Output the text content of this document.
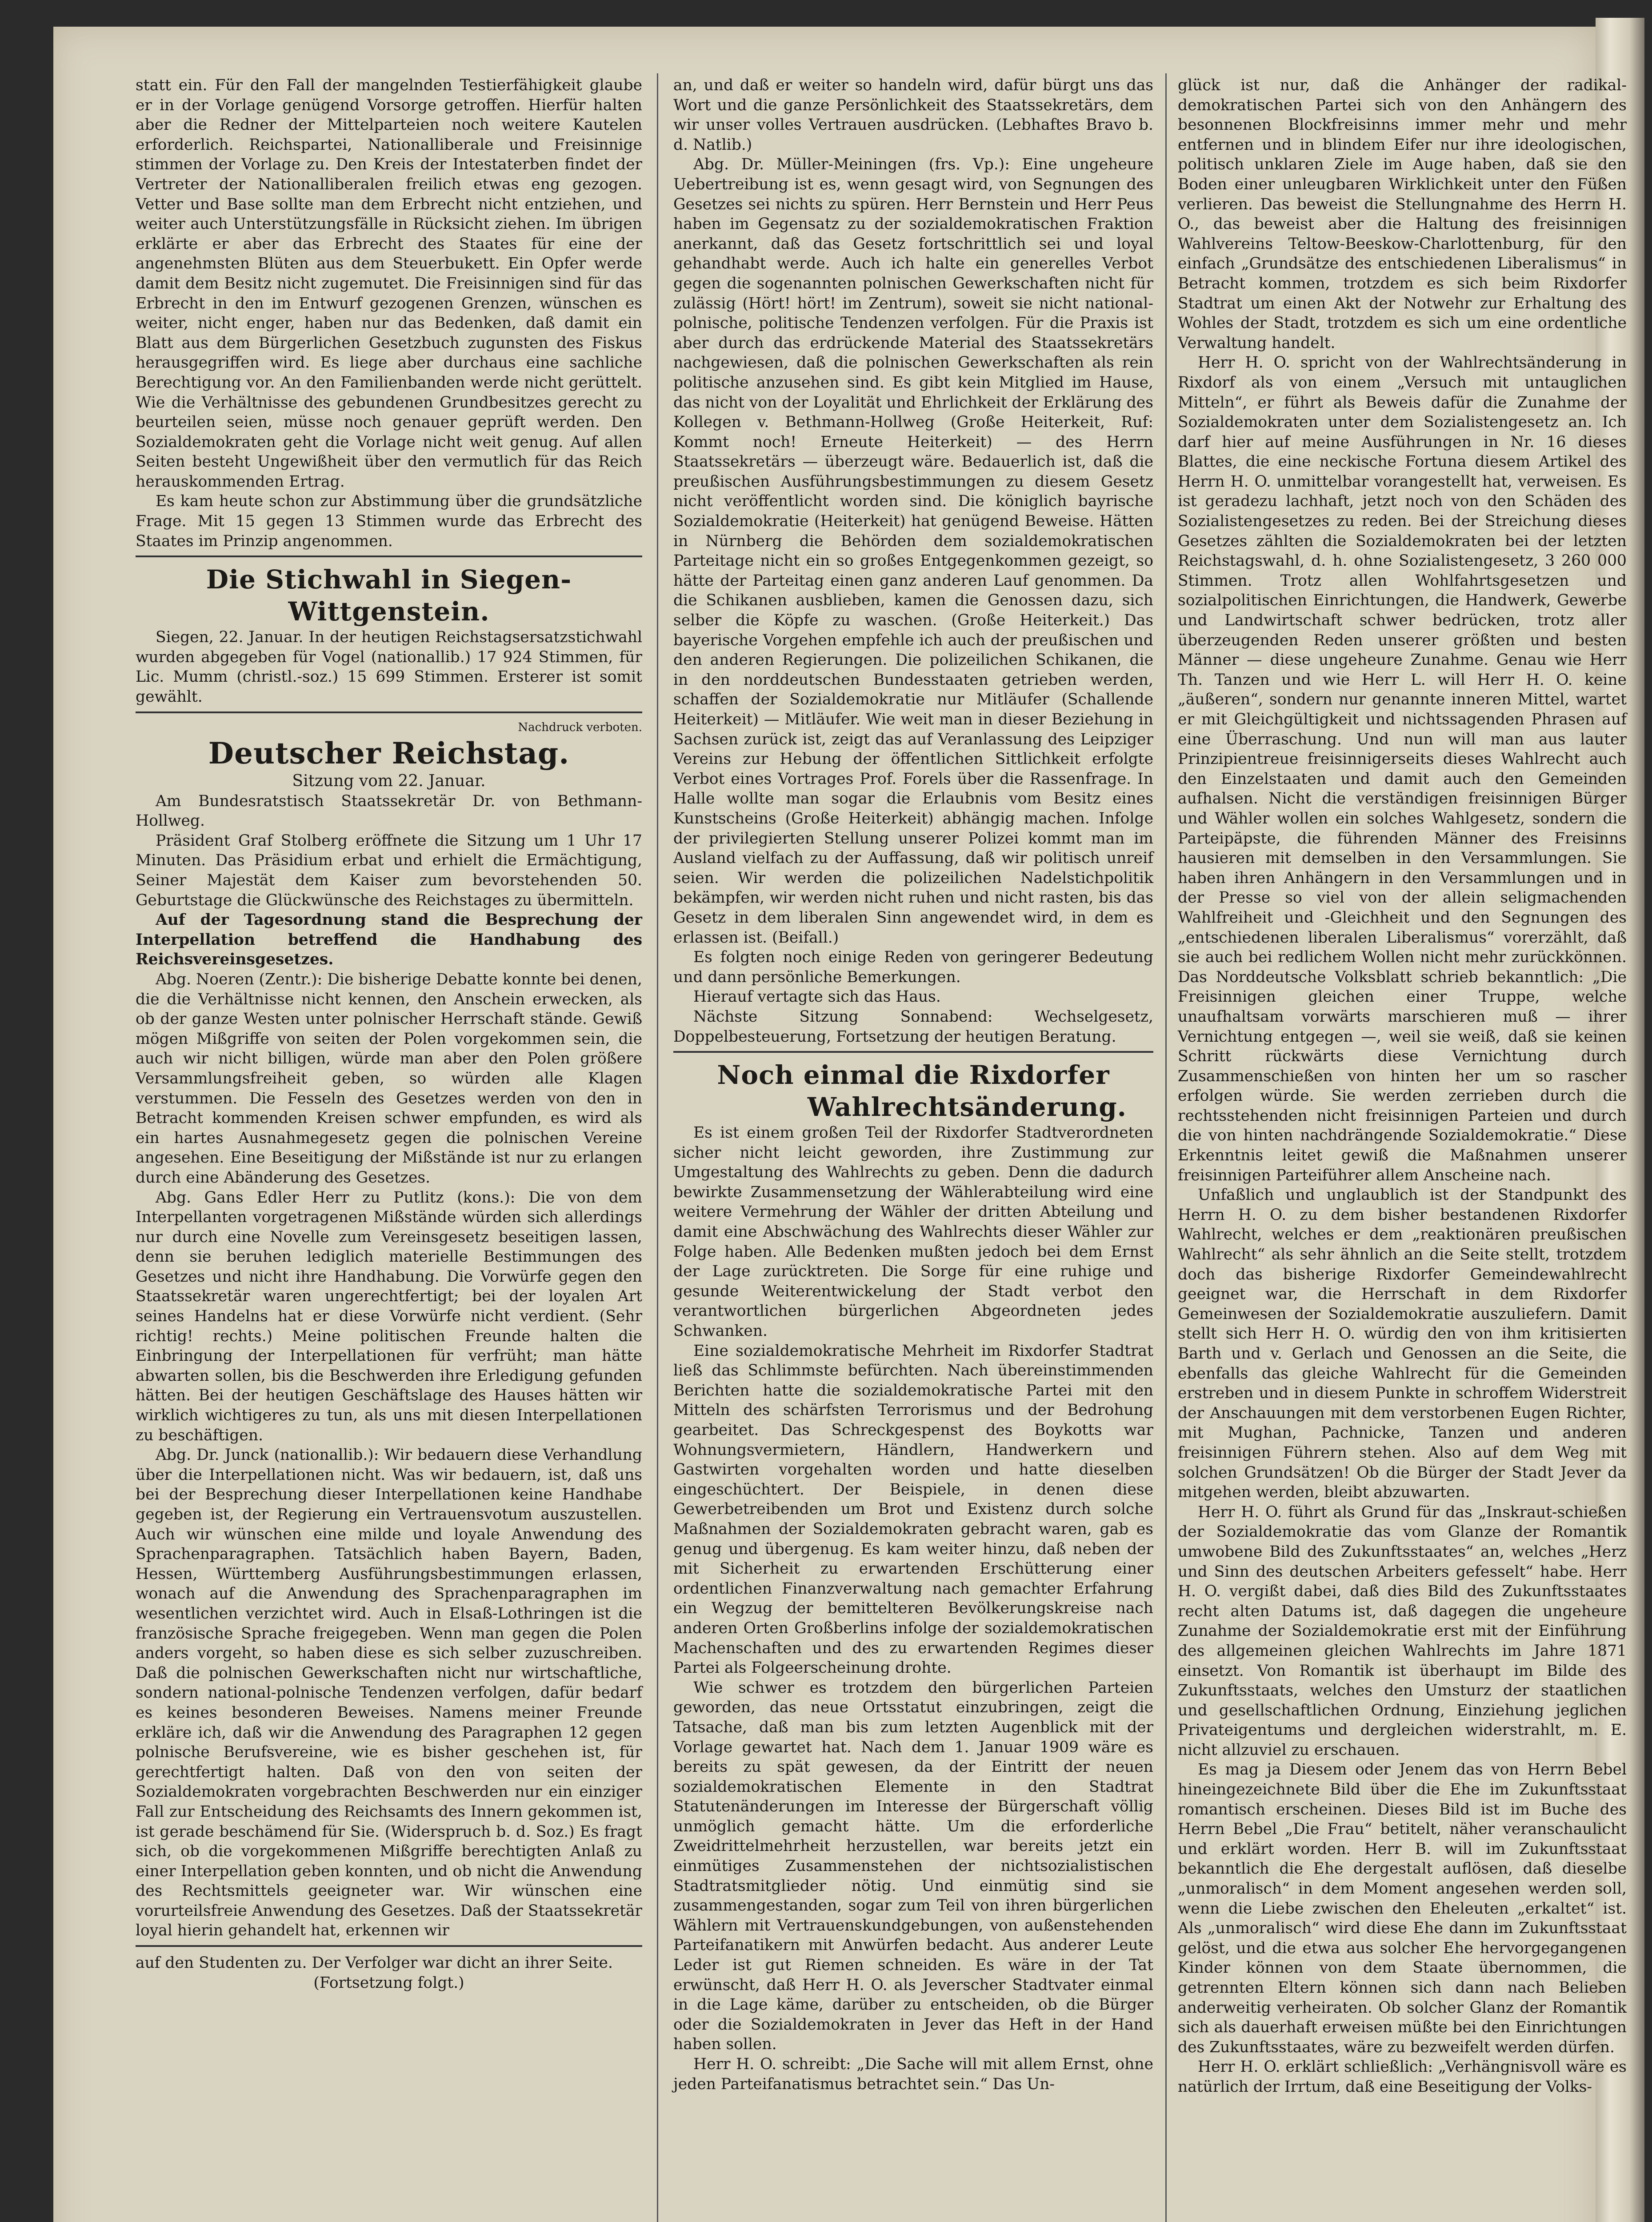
statt ein. Für den Fall der mangelnden Testierfähigkeit glaube er in der Vorlage genügend Vorsorge getroffen. Hierfür halten aber die Redner der Mittelparteien noch weitere Kautelen erforderlich. Reichspartei, Nationalliberale und Freisinnige stimmen der Vorlage zu. Den Kreis der Intestaterben findet der Vertreter der Nationalliberalen freilich etwas eng gezogen. Vetter und Base sollte man dem Erbrecht nicht entziehen, und weiter auch Unterstützungsfälle in Rücksicht ziehen. Im übrigen erklärte er aber das Erbrecht des Staates für eine der angenehmsten Blüten aus dem Steuerbukett. Ein Opfer werde damit dem Besitz nicht zugemutet. Die Freisinnigen sind für das Erbrecht in den im Entwurf gezogenen Grenzen, wünschen es weiter, nicht enger, haben nur das Bedenken, daß damit ein Blatt aus dem Bürgerlichen Gesetzbuch zugunsten des Fiskus herausgegriffen wird. Es liege aber durchaus eine sachliche Berechtigung vor. An den Familienbanden werde nicht gerüttelt. Wie die Verhältnisse des gebundenen Grundbesitzes gerecht zu beurteilen seien, müsse noch genauer geprüft werden. Den Sozialdemokraten geht die Vorlage nicht weit genug. Auf allen Seiten besteht Ungewißheit über den vermutlich für das Reich herauskommenden Ertrag.

Es kam heute schon zur Abstimmung über die grundsätzliche Frage. Mit 15 gegen 13 Stimmen wurde das Erbrecht des Staates im Prinzip angenommen.

Die Stichwahl in Siegen-Wittgenstein.

Siegen, 22. Januar. In der heutigen Reichstagsersatzstichwahl wurden abgegeben für Vogel (nationallib.) 17 924 Stimmen, für Lic. Mumm (christl.-soz.) 15 699 Stimmen. Ersterer ist somit gewählt.

Nachdruck verboten.
Deutscher Reichstag.
Sitzung vom 22. Januar.

Am Bundesratstisch Staatssekretär Dr. von Bethmann-Hollweg.

Präsident Graf Stolberg eröffnete die Sitzung um 1 Uhr 17 Minuten. Das Präsidium erbat und erhielt die Ermächtigung, Seiner Majestät dem Kaiser zum bevorstehenden 50. Geburtstage die Glückwünsche des Reichstages zu übermitteln.

Auf der Tagesordnung stand die Besprechung der Interpellation betreffend die Handhabung des Reichsvereinsgesetzes.

Abg. Noeren (Zentr.): Die bisherige Debatte konnte bei denen, die die Verhältnisse nicht kennen, den Anschein erwecken, als ob der ganze Westen unter polnischer Herrschaft stände. Gewiß mögen Mißgriffe von seiten der Polen vorgekommen sein, die auch wir nicht billigen, würde man aber den Polen größere Versammlungsfreiheit geben, so würden alle Klagen verstummen. Die Fesseln des Gesetzes werden von den in Betracht kommenden Kreisen schwer empfunden, es wird als ein hartes Ausnahmegesetz gegen die polnischen Vereine angesehen. Eine Beseitigung der Mißstände ist nur zu erlangen durch eine Abänderung des Gesetzes.

Abg. Gans Edler Herr zu Putlitz (kons.): Die von dem Interpellanten vorgetragenen Mißstände würden sich allerdings nur durch eine Novelle zum Vereinsgesetz beseitigen lassen, denn sie beruhen lediglich materielle Bestimmungen des Gesetzes und nicht ihre Handhabung. Die Vorwürfe gegen den Staatssekretär waren ungerechtfertigt; bei der loyalen Art seines Handelns hat er diese Vorwürfe nicht verdient. (Sehr richtig! rechts.) Meine politischen Freunde halten die Einbringung der Interpellationen für verfrüht; man hätte abwarten sollen, bis die Beschwerden ihre Erledigung gefunden hätten. Bei der heutigen Geschäftslage des Hauses hätten wir wirklich wichtigeres zu tun, als uns mit diesen Interpellationen zu beschäftigen.

Abg. Dr. Junck (nationallib.): Wir bedauern diese Verhandlung über die Interpellationen nicht. Was wir bedauern, ist, daß uns bei der Besprechung dieser Interpellationen keine Handhabe gegeben ist, der Regierung ein Vertrauensvotum auszustellen. Auch wir wünschen eine milde und loyale Anwendung des Sprachenparagraphen. Tatsächlich haben Bayern, Baden, Hessen, Württemberg Ausführungsbestimmungen erlassen, wonach auf die Anwendung des Sprachenparagraphen im wesentlichen verzichtet wird. Auch in Elsaß-Lothringen ist die französische Sprache freigegeben. Wenn man gegen die Polen anders vorgeht, so haben diese es sich selber zuzuschreiben. Daß die polnischen Gewerkschaften nicht nur wirtschaftliche, sondern national-polnische Tendenzen verfolgen, dafür bedarf es keines besonderen Beweises. Namens meiner Freunde erkläre ich, daß wir die Anwendung des Paragraphen 12 gegen polnische Berufsvereine, wie es bisher geschehen ist, für gerechtfertigt halten. Daß von den von seiten der Sozialdemokraten vorgebrachten Beschwerden nur ein einziger Fall zur Entscheidung des Reichsamts des Innern gekommen ist, ist gerade beschämend für Sie. (Widerspruch b. d. Soz.) Es fragt sich, ob die vorgekommenen Mißgriffe berechtigten Anlaß zu einer Interpellation geben konnten, und ob nicht die Anwendung des Rechtsmittels geeigneter war. Wir wünschen eine vorurteilsfreie Anwendung des Gesetzes. Daß der Staatssekretär loyal hierin gehandelt hat, erkennen wir

auf den Studenten zu. Der Verfolger war dicht an ihrer Seite.

(Fortsetzung folgt.)

an, und daß er weiter so handeln wird, dafür bürgt uns das Wort und die ganze Persönlichkeit des Staatssekretärs, dem wir unser volles Vertrauen ausdrücken. (Lebhaftes Bravo b. d. Natlib.)

Abg. Dr. Müller-Meiningen (frs. Vp.): Eine ungeheure Uebertreibung ist es, wenn gesagt wird, von Segnungen des Gesetzes sei nichts zu spüren. Herr Bernstein und Herr Peus haben im Gegensatz zu der sozialdemokratischen Fraktion anerkannt, daß das Gesetz fortschrittlich sei und loyal gehandhabt werde. Auch ich halte ein generelles Verbot gegen die sogenannten polnischen Gewerkschaften nicht für zulässig (Hört! hört! im Zentrum), soweit sie nicht national-polnische, politische Tendenzen verfolgen. Für die Praxis ist aber durch das erdrückende Material des Staatssekretärs nachgewiesen, daß die polnischen Gewerkschaften als rein politische anzusehen sind. Es gibt kein Mitglied im Hause, das nicht von der Loyalität und Ehrlichkeit der Erklärung des Kollegen v. Bethmann-Hollweg (Große Heiterkeit, Ruf: Kommt noch! Erneute Heiterkeit) — des Herrn Staatssekretärs — überzeugt wäre. Bedauerlich ist, daß die preußischen Ausführungsbestimmungen zu diesem Gesetz nicht veröffentlicht worden sind. Die königlich bayrische Sozialdemokratie (Heiterkeit) hat genügend Beweise. Hätten in Nürnberg die Behörden dem sozialdemokratischen Parteitage nicht ein so großes Entgegenkommen gezeigt, so hätte der Parteitag einen ganz anderen Lauf genommen. Da die Schikanen ausblieben, kamen die Genossen dazu, sich selber die Köpfe zu waschen. (Große Heiterkeit.) Das bayerische Vorgehen empfehle ich auch der preußischen und den anderen Regierungen. Die polizeilichen Schikanen, die in den norddeutschen Bundesstaaten getrieben werden, schaffen der Sozialdemokratie nur Mitläufer (Schallende Heiterkeit) — Mitläufer. Wie weit man in dieser Beziehung in Sachsen zurück ist, zeigt das auf Veranlassung des Leipziger Vereins zur Hebung der öffentlichen Sittlichkeit erfolgte Verbot eines Vortrages Prof. Forels über die Rassenfrage. In Halle wollte man sogar die Erlaubnis vom Besitz eines Kunstscheins (Große Heiterkeit) abhängig machen. Infolge der privilegierten Stellung unserer Polizei kommt man im Ausland vielfach zu der Auffassung, daß wir politisch unreif seien. Wir werden die polizeilichen Nadelstichpolitik bekämpfen, wir werden nicht ruhen und nicht rasten, bis das Gesetz in dem liberalen Sinn angewendet wird, in dem es erlassen ist. (Beifall.)

Es folgten noch einige Reden von geringerer Bedeutung und dann persönliche Bemerkungen.

Hierauf vertagte sich das Haus.

Nächste Sitzung Sonnabend: Wechselgesetz, Doppelbesteuerung, Fortsetzung der heutigen Beratung.

Noch einmal die Rixdorfer
Wahlrechtsänderung.

Es ist einem großen Teil der Rixdorfer Stadtverordneten sicher nicht leicht geworden, ihre Zustimmung zur Umgestaltung des Wahlrechts zu geben. Denn die dadurch bewirkte Zusammensetzung der Wählerabteilung wird eine weitere Vermehrung der Wähler der dritten Abteilung und damit eine Abschwächung des Wahlrechts dieser Wähler zur Folge haben. Alle Bedenken mußten jedoch bei dem Ernst der Lage zurücktreten. Die Sorge für eine ruhige und gesunde Weiterentwickelung der Stadt verbot den verantwortlichen bürgerlichen Abgeordneten jedes Schwanken.

Eine sozialdemokratische Mehrheit im Rixdorfer Stadtrat ließ das Schlimmste befürchten. Nach übereinstimmenden Berichten hatte die sozialdemokratische Partei mit den Mitteln des schärfsten Terrorismus und der Bedrohung gearbeitet. Das Schreckgespenst des Boykotts war Wohnungsvermietern, Händlern, Handwerkern und Gastwirten vorgehalten worden und hatte dieselben eingeschüchtert. Der Beispiele, in denen diese Gewerbetreibenden um Brot und Existenz durch solche Maßnahmen der Sozialdemokraten gebracht waren, gab es genug und übergenug. Es kam weiter hinzu, daß neben der mit Sicherheit zu erwartenden Erschütterung einer ordentlichen Finanzverwaltung nach gemachter Erfahrung ein Wegzug der bemittelteren Bevölkerungskreise nach anderen Orten Großberlins infolge der sozialdemokratischen Machenschaften und des zu erwartenden Regimes dieser Partei als Folgeerscheinung drohte.

Wie schwer es trotzdem den bürgerlichen Parteien geworden, das neue Ortsstatut einzubringen, zeigt die Tatsache, daß man bis zum letzten Augenblick mit der Vorlage gewartet hat. Nach dem 1. Januar 1909 wäre es bereits zu spät gewesen, da der Eintritt der neuen sozialdemokratischen Elemente in den Stadtrat Statutenänderungen im Interesse der Bürgerschaft völlig unmöglich gemacht hätte. Um die erforderliche Zweidrittelmehrheit herzustellen, war bereits jetzt ein einmütiges Zusammenstehen der nichtsozialistischen Stadtratsmitglieder nötig. Und einmütig sind sie zusammengestanden, sogar zum Teil von ihren bürgerlichen Wählern mit Vertrauenskundgebungen, von außenstehenden Parteifanatikern mit Anwürfen bedacht. Aus anderer Leute Leder ist gut Riemen schneiden. Es wäre in der Tat erwünscht, daß Herr H. O. als Jeverscher Stadtvater einmal in die Lage käme, darüber zu entscheiden, ob die Bürger oder die Sozialdemokraten in Jever das Heft in der Hand haben sollen.

Herr H. O. schreibt: „Die Sache will mit allem Ernst, ohne jeden Parteifanatismus betrachtet sein.“ Das Un-

glück ist nur, daß die Anhänger der radikal-demokratischen Partei sich von den Anhängern des besonnenen Blockfreisinns immer mehr und mehr entfernen und in blindem Eifer nur ihre ideologischen, politisch unklaren Ziele im Auge haben, daß sie den Boden einer unleugbaren Wirklichkeit unter den Füßen verlieren. Das beweist die Stellungnahme des Herrn H. O., das beweist aber die Haltung des freisinnigen Wahlvereins Teltow-Beeskow-Charlottenburg, für den einfach „Grundsätze des entschiedenen Liberalismus“ in Betracht kommen, trotzdem es sich beim Rixdorfer Stadtrat um einen Akt der Notwehr zur Erhaltung des Wohles der Stadt, trotzdem es sich um eine ordentliche Verwaltung handelt.

Herr H. O. spricht von der Wahlrechtsänderung in Rixdorf als von einem „Versuch mit untauglichen Mitteln“, er führt als Beweis dafür die Zunahme der Sozialdemokraten unter dem Sozialistengesetz an. Ich darf hier auf meine Ausführungen in Nr. 16 dieses Blattes, die eine neckische Fortuna diesem Artikel des Herrn H. O. unmittelbar vorangestellt hat, verweisen. Es ist geradezu lachhaft, jetzt noch von den Schäden des Sozialistengesetzes zu reden. Bei der Streichung dieses Gesetzes zählten die Sozialdemokraten bei der letzten Reichstagswahl, d. h. ohne Sozialistengesetz, 3 260 000 Stimmen. Trotz allen Wohlfahrtsgesetzen und sozialpolitischen Einrichtungen, die Handwerk, Gewerbe und Landwirtschaft schwer bedrücken, trotz aller überzeugenden Reden unserer größten und besten Männer — diese ungeheure Zunahme. Genau wie Herr Th. Tanzen und wie Herr L. will Herr H. O. keine „äußeren“, sondern nur genannte inneren Mittel, wartet er mit Gleichgültigkeit und nichtssagenden Phrasen auf eine Überraschung. Und nun will man aus lauter Prinzipientreue freisinnigerseits dieses Wahlrecht auch den Einzelstaaten und damit auch den Gemeinden aufhalsen. Nicht die verständigen freisinnigen Bürger und Wähler wollen ein solches Wahlgesetz, sondern die Parteipäpste, die führenden Männer des Freisinns hausieren mit demselben in den Versammlungen. Sie haben ihren Anhängern in den Versammlungen und in der Presse so viel von der allein seligmachenden Wahlfreiheit und -Gleichheit und den Segnungen des „entschiedenen liberalen Liberalismus“ vorerzählt, daß sie auch bei redlichem Wollen nicht mehr zurückkönnen. Das Norddeutsche Volksblatt schrieb bekanntlich: „Die Freisinnigen gleichen einer Truppe, welche unaufhaltsam vorwärts marschieren muß — ihrer Vernichtung entgegen —, weil sie weiß, daß sie keinen Schritt rückwärts diese Vernichtung durch Zusammenschießen von hinten her um so rascher erfolgen würde. Sie werden zerrieben durch die rechtsstehenden nicht freisinnigen Parteien und durch die von hinten nachdrängende Sozialdemokratie.“ Diese Erkenntnis leitet gewiß die Maßnahmen unserer freisinnigen Parteiführer allem Anscheine nach.

Unfaßlich und unglaublich ist der Standpunkt des Herrn H. O. zu dem bisher bestandenen Rixdorfer Wahlrecht, welches er dem „reaktionären preußischen Wahlrecht“ als sehr ähnlich an die Seite stellt, trotzdem doch das bisherige Rixdorfer Gemeindewahlrecht geeignet war, die Herrschaft in dem Rixdorfer Gemeinwesen der Sozialdemokratie auszuliefern. Damit stellt sich Herr H. O. würdig den von ihm kritisierten Barth und v. Gerlach und Genossen an die Seite, die ebenfalls das gleiche Wahlrecht für die Gemeinden erstreben und in diesem Punkte in schroffem Widerstreit der Anschauungen mit dem verstorbenen Eugen Richter, mit Mughan, Pachnicke, Tanzen und anderen freisinnigen Führern stehen. Also auf dem Weg mit solchen Grundsätzen! Ob die Bürger der Stadt Jever da mitgehen werden, bleibt abzuwarten.

Herr H. O. führt als Grund für das „Inskraut-schießen der Sozialdemokratie das vom Glanze der Romantik umwobene Bild des Zukunftsstaates“ an, welches „Herz und Sinn des deutschen Arbeiters gefesselt“ habe. Herr H. O. vergißt dabei, daß dies Bild des Zukunftsstaates recht alten Datums ist, daß dagegen die ungeheure Zunahme der Sozialdemokratie erst mit der Einführung des allgemeinen gleichen Wahlrechts im Jahre 1871 einsetzt. Von Romantik ist überhaupt im Bilde des Zukunftsstaats, welches den Umsturz der staatlichen und gesellschaftlichen Ordnung, Einziehung jeglichen Privateigentums und dergleichen widerstrahlt, m. E. nicht allzuviel zu erschauen.

Es mag ja Diesem oder Jenem das von Herrn Bebel hineingezeichnete Bild über die Ehe im Zukunftsstaat romantisch erscheinen. Dieses Bild ist im Buche des Herrn Bebel „Die Frau“ betitelt, näher veranschaulicht und erklärt worden. Herr B. will im Zukunftsstaat bekanntlich die Ehe dergestalt auflösen, daß dieselbe „unmoralisch“ in dem Moment angesehen werden soll, wenn die Liebe zwischen den Eheleuten „erkaltet“ ist. Als „unmoralisch“ wird diese Ehe dann im Zukunftsstaat gelöst, und die etwa aus solcher Ehe hervorgegangenen Kinder können von dem Staate übernommen, die getrennten Eltern können sich dann nach Belieben anderweitig verheiraten. Ob solcher Glanz der Romantik sich als dauerhaft erweisen müßte bei den Einrichtungen des Zukunftsstaates, wäre zu bezweifelt werden dürfen.

Herr H. O. erklärt schließlich: „Verhängnisvoll wäre es natürlich der Irrtum, daß eine Beseitigung der Volks-
